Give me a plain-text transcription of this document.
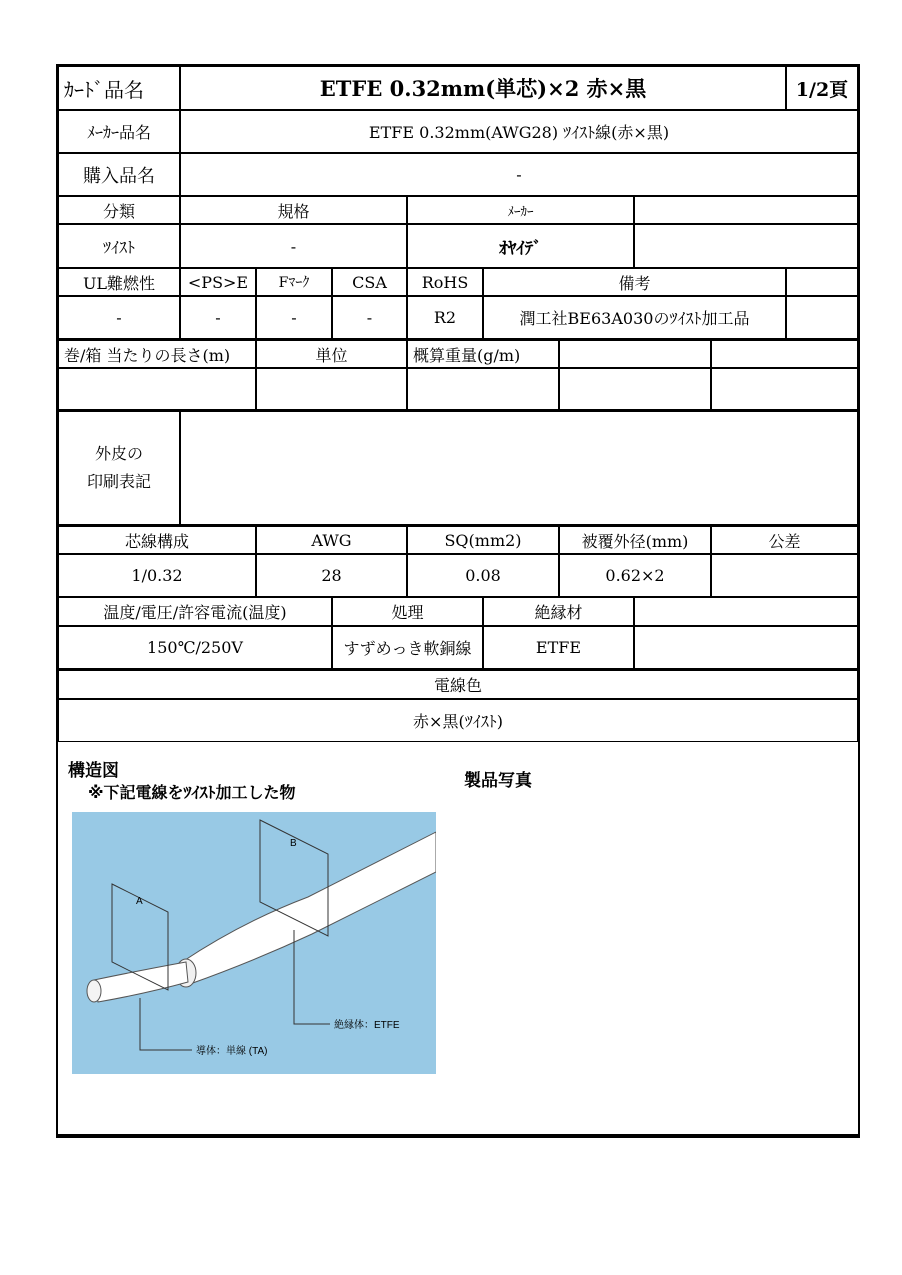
ｶｰﾄﾞ品名	ETFE 0.32mm(単芯)×2 赤×黒	1/2頁
ﾒｰｶｰ品名	ETFE 0.32mm(AWG28) ﾂｲｽﾄ線(赤×黒)
購入品名	-
分類	規格	ﾒｰｶｰ
ﾂｲｽﾄ	-	ｵﾔｲﾃﾞ
UL難燃性	<PS>E	Fﾏｰｸ	CSA	RoHS	備考
-	-	-	-	R2	潤工社BE63A030のﾂｲｽﾄ加工品
巻/箱 当たりの長さ(m)	単位	概算重量(g/m)
外皮の
印刷表記
芯線構成	AWG	SQ(mm2)	被覆外径(mm)	公差
1/0.32	28	0.08	0.62×2
温度/電圧/許容電流(温度)	処理	絶縁材
150℃/250V	すずめっき軟銅線	ETFE
電線色
赤×黒(ﾂｲｽﾄ)
構造図
※下記電線をﾂｲｽﾄ加工した物
製品写真
A
B
絶縁体：ETFE
導体：単線 (TA)
